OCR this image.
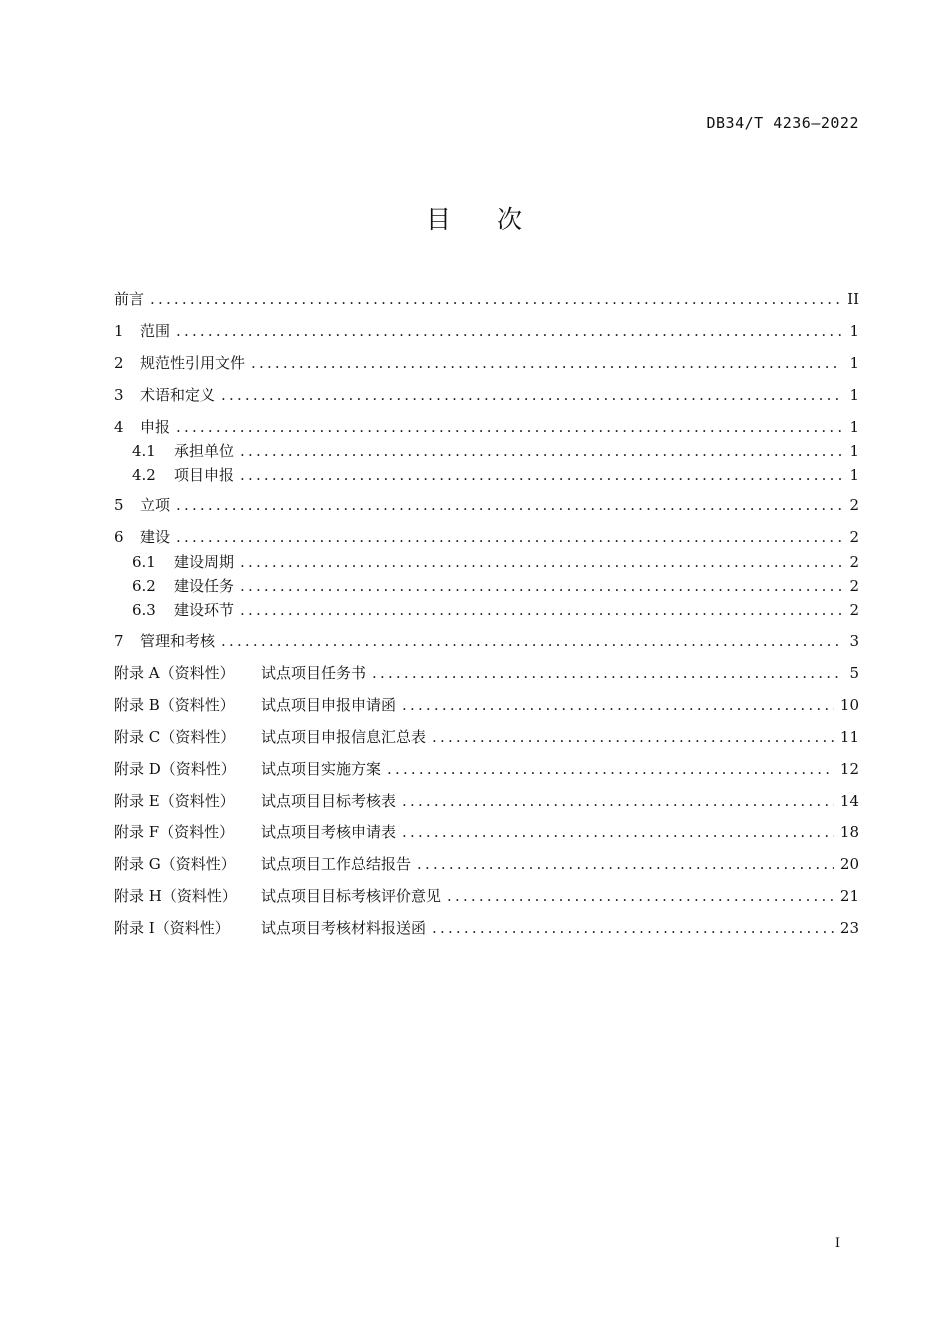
DB34/T 4236—2022
目 次
前言 .....	II
1	范围 .....	1
2	规范性引用文件 .....	1
3	术语和定义 .....	1
4	申报 .....	1
4.1	承担单位 .....	1
4.2	项目申报 .....	1
5	立项 .....	2
6	建设 .....	2
6.1	建设周期 .....	2
6.2	建设任务 .....	2
6.3	建设环节 .....	2
7	管理和考核 .....	3
附录 A（资料性）	试点项目任务书 .....	5
附录 B（资料性）	试点项目申报申请函 .....	10
附录 C（资料性）	试点项目申报信息汇总表 .....	11
附录 D（资料性）	试点项目实施方案 .....	12
附录 E（资料性）	试点项目目标考核表 .....	14
附录 F（资料性）	试点项目考核申请表 .....	18
附录 G（资料性）	试点项目工作总结报告 .....	20
附录 H（资料性）	试点项目目标考核评价意见 .....	21
附录 I（资料性）	试点项目考核材料报送函 .....	23
I
